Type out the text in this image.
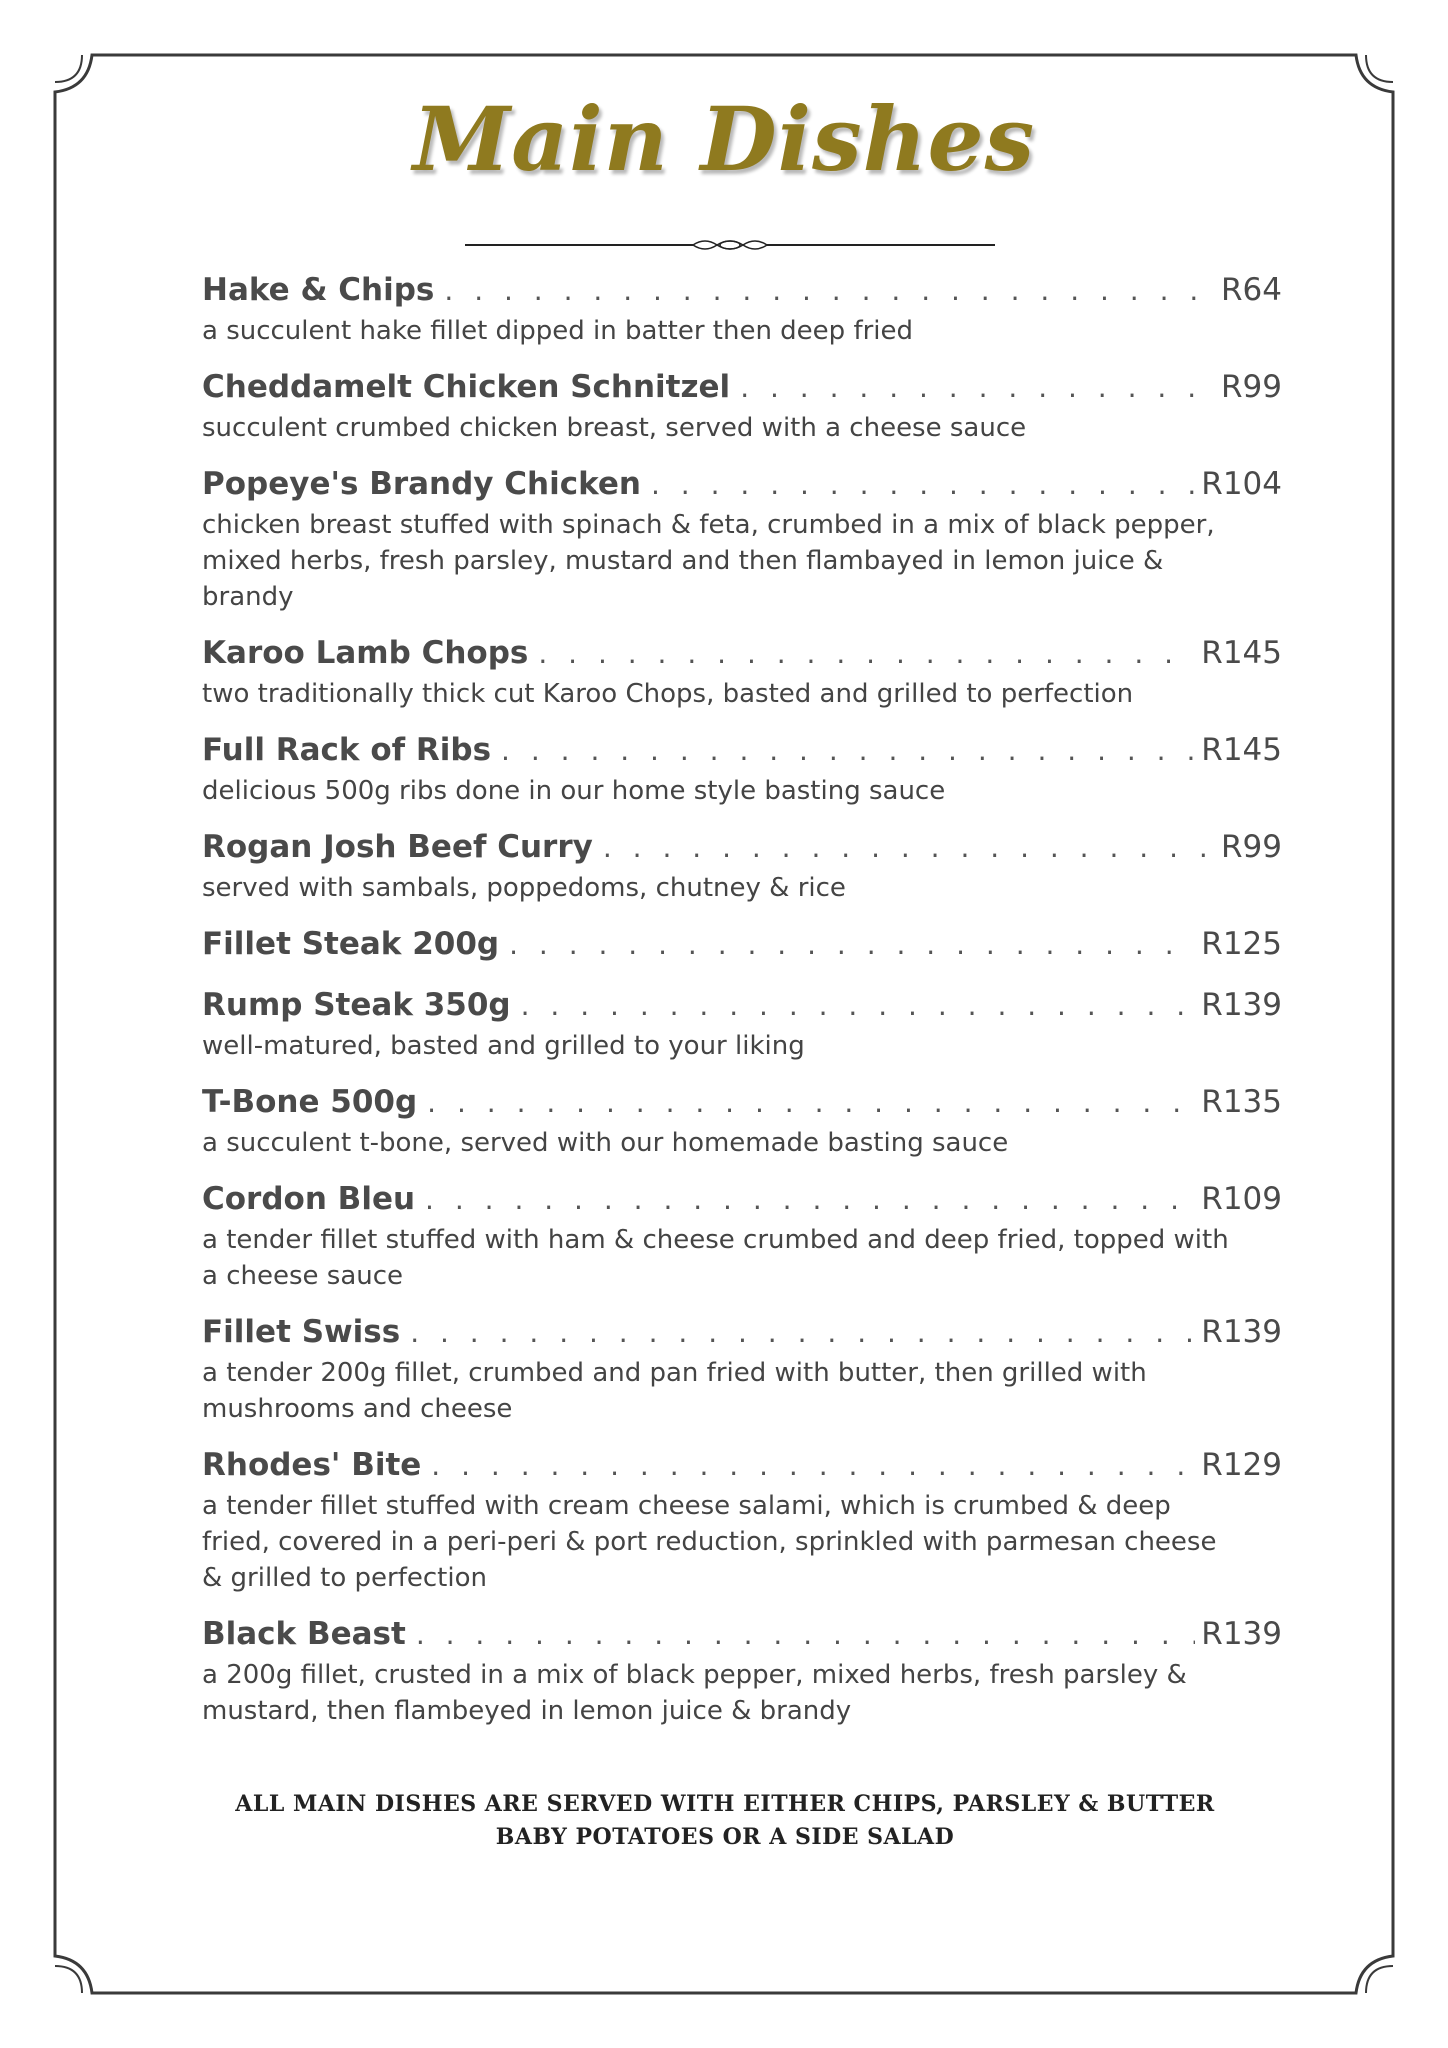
Main Dishes
Hake & Chips . . .	R64
a succulent hake fillet dipped in batter then deep fried
Cheddamelt Chicken Schnitzel . . .	R99
succulent crumbed chicken breast, served with a cheese sauce
Popeye's Brandy Chicken . . .	R104
chicken breast stuffed with spinach & feta, crumbed in a mix of black pepper, mixed herbs, fresh parsley, mustard and then flambayed in lemon juice & brandy
Karoo Lamb Chops . . .	R145
two traditionally thick cut Karoo Chops, basted and grilled to perfection
Full Rack of Ribs . . .	R145
delicious 500g ribs done in our home style basting sauce
Rogan Josh Beef Curry . . .	R99
served with sambals, poppedoms, chutney & rice
Fillet Steak 200g . . .	R125
Rump Steak 350g . . .	R139
well-matured, basted and grilled to your liking
T-Bone 500g . . .	R135
a succulent t-bone, served with our homemade basting sauce
Cordon Bleu . . .	R109
a tender fillet stuffed with ham & cheese crumbed and deep fried, topped with a cheese sauce
Fillet Swiss . . .	R139
a tender 200g fillet, crumbed and pan fried with butter, then grilled with mushrooms and cheese
Rhodes' Bite . . .	R129
a tender fillet stuffed with cream cheese salami, which is crumbed & deep fried, covered in a peri-peri & port reduction, sprinkled with parmesan cheese & grilled to perfection
Black Beast . . .	R139
a 200g fillet, crusted in a mix of black pepper, mixed herbs, fresh parsley & mustard, then flambeyed in lemon juice & brandy
ALL MAIN DISHES ARE SERVED WITH EITHER CHIPS, PARSLEY & BUTTER BABY POTATOES OR A SIDE SALAD
